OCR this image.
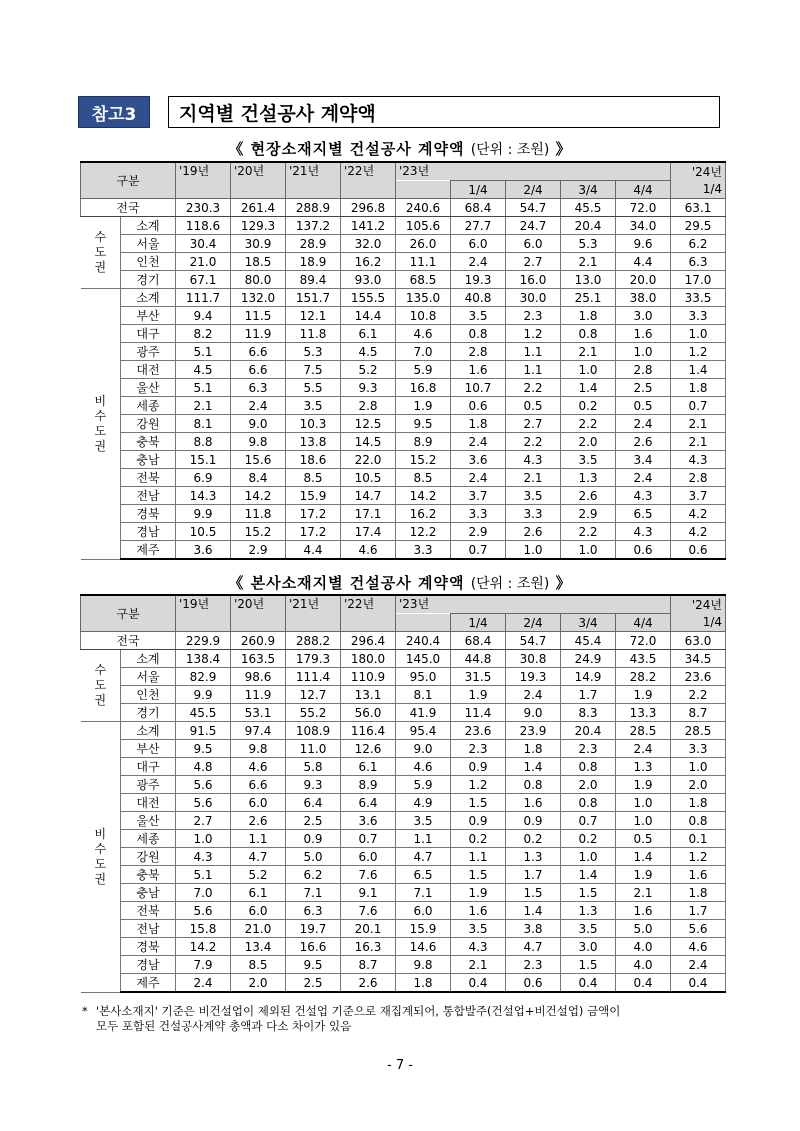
참고3	지역별 건설공사 계약액
《 현장소재지별 건설공사 계약액 (단위 : 조원) 》
구분		'19년	'20년	'21년	'22년	'23년					'24년
							1/4	2/4	3/4	4/4	1/4
전국		230.3	261.4	288.9	296.8	240.6	68.4	54.7	45.5	72.0	63.1

수
도
권	소계	118.6	129.3	137.2	141.2	105.6	27.7	24.7	20.4	34.0	29.5
	서울	30.4	30.9	28.9	32.0	26.0	6.0	6.0	5.3	9.6	6.2
	인천	21.0	18.5	18.9	16.2	11.1	2.4	2.7	2.1	4.4	6.3
	경기	67.1	80.0	89.4	93.0	68.5	19.3	16.0	13.0	20.0	17.0

비
수
도
권	소계	111.7	132.0	151.7	155.5	135.0	40.8	30.0	25.1	38.0	33.5
	부산	9.4	11.5	12.1	14.4	10.8	3.5	2.3	1.8	3.0	3.3
	대구	8.2	11.9	11.8	6.1	4.6	0.8	1.2	0.8	1.6	1.0
	광주	5.1	6.6	5.3	4.5	7.0	2.8	1.1	2.1	1.0	1.2
	대전	4.5	6.6	7.5	5.2	5.9	1.6	1.1	1.0	2.8	1.4
	울산	5.1	6.3	5.5	9.3	16.8	10.7	2.2	1.4	2.5	1.8
	세종	2.1	2.4	3.5	2.8	1.9	0.6	0.5	0.2	0.5	0.7
	강원	8.1	9.0	10.3	12.5	9.5	1.8	2.7	2.2	2.4	2.1
	충북	8.8	9.8	13.8	14.5	8.9	2.4	2.2	2.0	2.6	2.1
	충남	15.1	15.6	18.6	22.0	15.2	3.6	4.3	3.5	3.4	4.3
	전북	6.9	8.4	8.5	10.5	8.5	2.4	2.1	1.3	2.4	2.8
	전남	14.3	14.2	15.9	14.7	14.2	3.7	3.5	2.6	4.3	3.7
	경북	9.9	11.8	17.2	17.1	16.2	3.3	3.3	2.9	6.5	4.2
	경남	10.5	15.2	17.2	17.4	12.2	2.9	2.6	2.2	4.3	4.2
	제주	3.6	2.9	4.4	4.6	3.3	0.7	1.0	1.0	0.6	0.6
《 본사소재지별 건설공사 계약액 (단위 : 조원) 》
구분		'19년	'20년	'21년	'22년	'23년					'24년
							1/4	2/4	3/4	4/4	1/4
전국		229.9	260.9	288.2	296.4	240.4	68.4	54.7	45.4	72.0	63.0

수
도
권	소계	138.4	163.5	179.3	180.0	145.0	44.8	30.8	24.9	43.5	34.5
	서울	82.9	98.6	111.4	110.9	95.0	31.5	19.3	14.9	28.2	23.6
	인천	9.9	11.9	12.7	13.1	8.1	1.9	2.4	1.7	1.9	2.2
	경기	45.5	53.1	55.2	56.0	41.9	11.4	9.0	8.3	13.3	8.7

비
수
도
권	소계	91.5	97.4	108.9	116.4	95.4	23.6	23.9	20.4	28.5	28.5
	부산	9.5	9.8	11.0	12.6	9.0	2.3	1.8	2.3	2.4	3.3
	대구	4.8	4.6	5.8	6.1	4.6	0.9	1.4	0.8	1.3	1.0
	광주	5.6	6.6	9.3	8.9	5.9	1.2	0.8	2.0	1.9	2.0
	대전	5.6	6.0	6.4	6.4	4.9	1.5	1.6	0.8	1.0	1.8
	울산	2.7	2.6	2.5	3.6	3.5	0.9	0.9	0.7	1.0	0.8
	세종	1.0	1.1	0.9	0.7	1.1	0.2	0.2	0.2	0.5	0.1
	강원	4.3	4.7	5.0	6.0	4.7	1.1	1.3	1.0	1.4	1.2
	충북	5.1	5.2	6.2	7.6	6.5	1.5	1.7	1.4	1.9	1.6
	충남	7.0	6.1	7.1	9.1	7.1	1.9	1.5	1.5	2.1	1.8
	전북	5.6	6.0	6.3	7.6	6.0	1.6	1.4	1.3	1.6	1.7
	전남	15.8	21.0	19.7	20.1	15.9	3.5	3.8	3.5	5.0	5.6
	경북	14.2	13.4	16.6	16.3	14.6	4.3	4.7	3.0	4.0	4.6
	경남	7.9	8.5	9.5	8.7	9.8	2.1	2.3	1.5	4.0	2.4
	제주	2.4	2.0	2.5	2.6	1.8	0.4	0.6	0.4	0.4	0.4
* '본사소재지' 기준은 비건설업이 제외된 건설업 기준으로 재집계되어, 통합발주(건설업+비건설업) 금액이
모두 포함된 건설공사계약 총액과 다소 차이가 있음
- 7 -
